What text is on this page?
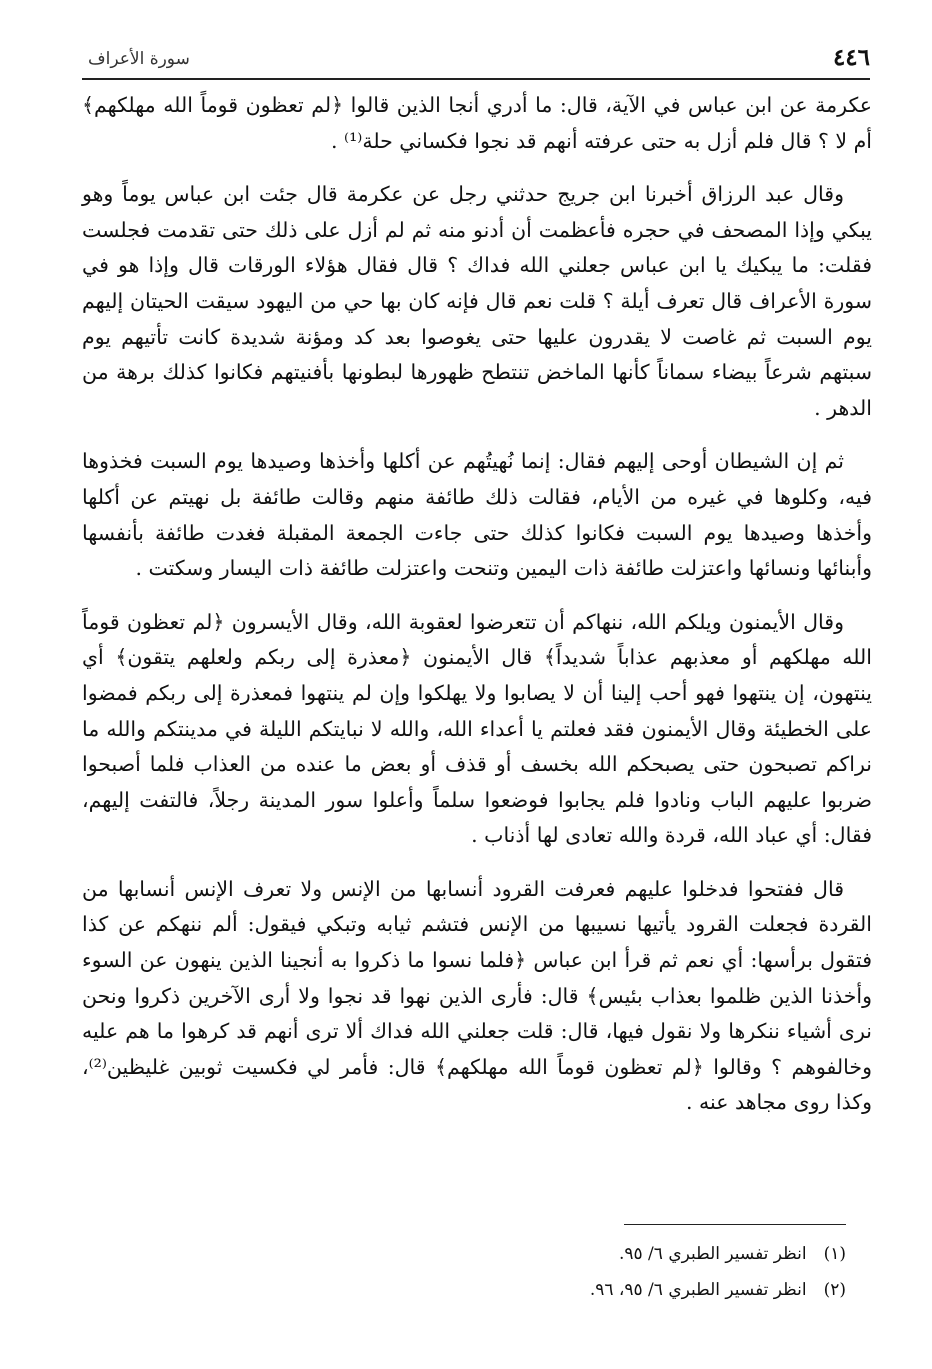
٤٤٦
سورة الأعراف

عكرمة عن ابن عباس في الآية، قال: ما أدري أنجا الذين قالوا ﴿لم تعظون قوماً الله مهلكهم﴾ أم لا ؟ قال فلم أزل به حتى عرفته أنهم قد نجوا فكساني حلة⁽¹⁾ .

وقال عبد الرزاق أخبرنا ابن جريج حدثني رجل عن عكرمة قال جئت ابن عباس يوماً وهو يبكي وإذا المصحف في حجره فأعظمت أن أدنو منه ثم لم أزل على ذلك حتى تقدمت فجلست فقلت: ما يبكيك يا ابن عباس جعلني الله فداك ؟ قال فقال هؤلاء الورقات قال وإذا هو في سورة الأعراف قال تعرف أيلة ؟ قلت نعم قال فإنه كان بها حي من اليهود سيقت الحيتان إليهم يوم السبت ثم غاصت لا يقدرون عليها حتى يغوصوا بعد كد ومؤنة شديدة كانت تأتيهم يوم سبتهم شرعاً بيضاء سماناً كأنها الماخض تنتطح ظهورها لبطونها بأفنيتهم فكانوا كذلك برهة من الدهر .

ثم إن الشيطان أوحى إليهم فقال: إنما نُهيتُهم عن أكلها وأخذها وصيدها يوم السبت فخذوها فيه، وكلوها في غيره من الأيام، فقالت ذلك طائفة منهم وقالت طائفة بل نهيتم عن أكلها وأخذها وصيدها يوم السبت فكانوا كذلك حتى جاءت الجمعة المقبلة فغدت طائفة بأنفسها وأبنائها ونسائها واعتزلت طائفة ذات اليمين وتنحت واعتزلت طائفة ذات اليسار وسكتت .

وقال الأيمنون ويلكم الله، ننهاكم أن تتعرضوا لعقوبة الله، وقال الأيسرون ﴿لم تعظون قوماً الله مهلكهم أو معذبهم عذاباً شديداً﴾ قال الأيمنون ﴿معذرة إلى ربكم ولعلهم يتقون﴾ أي ينتهون، إن ينتهوا فهو أحب إلينا أن لا يصابوا ولا يهلكوا وإن لم ينتهوا فمعذرة إلى ربكم فمضوا على الخطيئة وقال الأيمنون فقد فعلتم يا أعداء الله، والله لا نبايتكم الليلة في مدينتكم والله ما نراكم تصبحون حتى يصبحكم الله بخسف أو قذف أو بعض ما عنده من العذاب فلما أصبحوا ضربوا عليهم الباب ونادوا فلم يجابوا فوضعوا سلماً وأعلوا سور المدينة رجلاً، فالتفت إليهم، فقال: أي عباد الله، قردة والله تعادى لها أذناب .

قال ففتحوا فدخلوا عليهم فعرفت القرود أنسابها من الإنس ولا تعرف الإنس أنسابها من القردة فجعلت القرود يأتيها نسيبها من الإنس فتشم ثيابه وتبكي فيقول: ألم ننهكم عن كذا فتقول برأسها: أي نعم ثم قرأ ابن عباس ﴿فلما نسوا ما ذكروا به أنجينا الذين ينهون عن السوء وأخذنا الذين ظلموا بعذاب بئيس﴾ قال: فأرى الذين نهوا قد نجوا ولا أرى الآخرين ذكروا ونحن نرى أشياء ننكرها ولا نقول فيها، قال: قلت جعلني الله فداك ألا ترى أنهم قد كرهوا ما هم عليه وخالفوهم ؟ وقالوا ﴿لم تعظون قوماً الله مهلكهم﴾ قال: فأمر لي فكسيت ثوبين غليظين⁽²⁾، وكذا روى مجاهد عنه .

(١) انظر تفسير الطبري ٦/ ٩٥.

(٢) انظر تفسير الطبري ٦/ ٩٥، ٩٦.
